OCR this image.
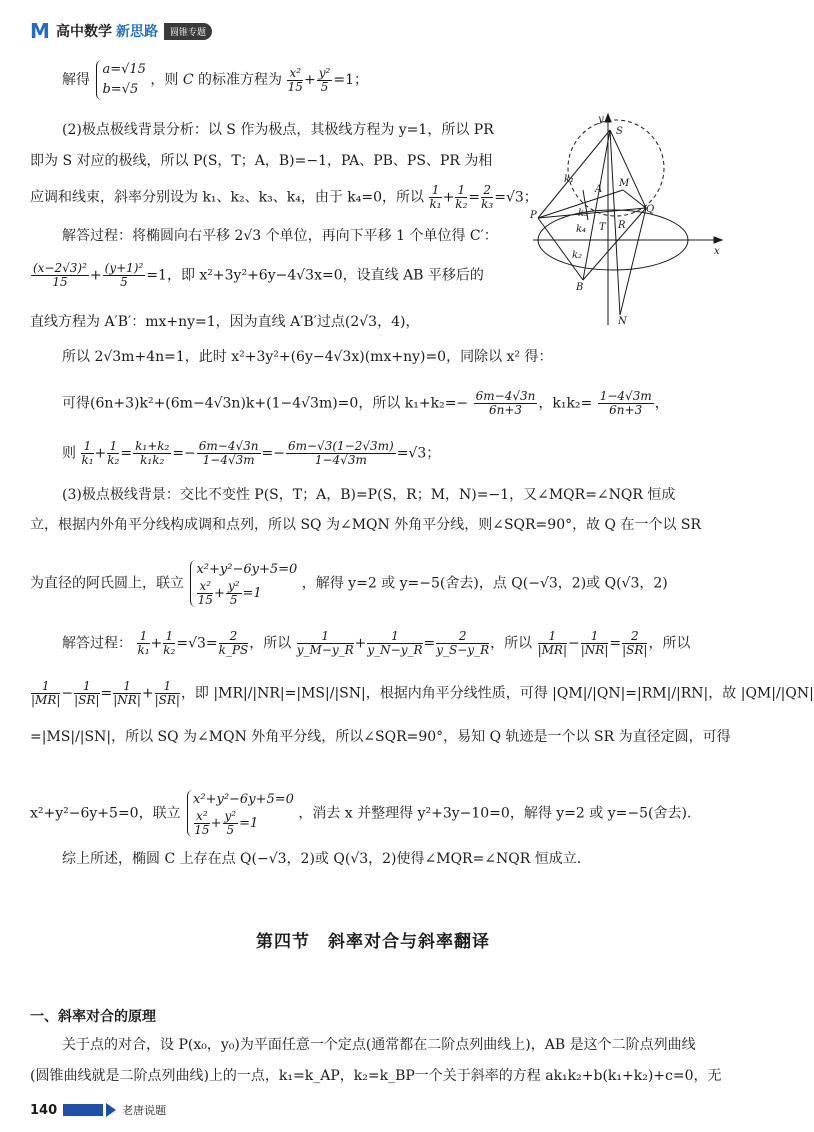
M 高中数学 新思路	圆锥专题
解得
a=√15
b=√5
，则 C 的标准方程为 $\frac{\text{x²}}{15} + \frac{\text{y²}}{5} =1$；
(2)极点极线背景分析：以 S 作为极点，其极线方程为 y=1，所以 PR
即为 S 对应的极线，所以 P(S，T；A，B)=−1，PA、PB、PS、PR 为相
应调和线束，斜率分别设为 k₁、k₂、k₃、k₄，由于 k₄=0，所以 $\frac{1}{\text{k₁}} + \frac{1}{\text{k₂}} = \frac{2}{\text{k₃}} =√3$；
解答过程：将椭圆向右平移 2√3 个单位，再向下平移 1 个单位得 C′：
$\frac{\text{(x−2√3)²}}{15} + \frac{\text{(y+1)²}}{5} =1$，即 x²+3y²+6y−4√3x=0，设直线 AB 平移后的
直线方程为 A′B′：mx+ny=1，因为直线 A′B′过点(2√3，4)，
所以 2√3m+4n=1，此时 x²+3y²+(6y−4√3x)(mx+ny)=0，同除以 x² 得：
可得(6n+3)k²+(6m−4√3n)k+(1−4√3m)=0，所以 $k_1+k_2=- \frac{6m-4√3n}{6n+3}$ ，$k_1k_2= \frac{1-4√3m}{6n+3}$ ，
则 $\frac{1}{\text{k₁}} + \frac{1}{\text{k₂}} = \frac{\text{k₁+k₂}}{\text{k₁k₂}} =- \frac{6m-4√3n}{1-4√3m} =- \frac{6m-√3(1-2√3m)}{1-4√3m} =√3$；
(3)极点极线背景：交比不变性 P(S，T；A，B)=P(S，R；M，N)=−1，又∠MQR=∠NQR 恒成
立，根据内外角平分线构成调和点列，所以 SQ 为∠MQN 外角平分线，则∠SQR=90°，故 Q 在一个以 SR
为直径的阿氏圆上，联立
x²+y²−6y+5=0
$\frac{\text{x²}}{15} + \frac{\text{y²}}{5} =1$
，解得 y=2 或 y=−5(舍去)，点 Q(−√3，2)或 Q(√3，2)
解答过程： $\frac{1}{\text{k₁}} + \frac{1}{\text{k₂}} =√3= \frac{2}{k\_PS}$ ，所以 $\frac{1}{y\_M-y\_R} + \frac{1}{y\_N-y\_R} = \frac{2}{y\_S-y\_R}$ ，所以 $\frac{1}{|MR|} - \frac{1}{|NR|} = \frac{2}{|SR|}$ ，所以
$\frac{1}{|MR|} - \frac{1}{|SR|} = \frac{1}{|NR|} + \frac{1}{|SR|}$ ，即 |MR|/|NR|=|MS|/|SN|，根据内角平分线性质，可得 |QM|/|QN|=|RM|/|RN|，故 |QM|/|QN|
=|MS|/|SN|，所以 SQ 为∠MQN 外角平分线，所以∠SQR=90°，易知 Q 轨迹是一个以 SR 为直径定圆，可得
x²+y²−6y+5=0，联立
x²+y²−6y+5=0
$\frac{\text{x²}}{15} + \frac{\text{y²}}{5} =1$
，消去 x 并整理得 y²+3y−10=0，解得 y=2 或 y=−5(舍去).
综上所述，椭圆 C 上存在点 Q(−√3，2)或 Q(√3，2)使得∠MQR=∠NQR 恒成立.
第四节　斜率对合与斜率翻译
一、斜率对合的原理
关于点的对合，设 P(x₀，y₀)为平面任意一个定点(通常都在二阶点列曲线上)，AB 是这个二阶点列曲线
(圆锥曲线就是二阶点列曲线)上的一点，k₁=k_AP，k₂=k_BP一个关于斜率的方程 ak₁k₂+b(k₁+k₂)+c=0，无
y
S
k₁	M
A
P
Q
k₃
T R
k₄
x
k₂
B
N
140	老唐说题
